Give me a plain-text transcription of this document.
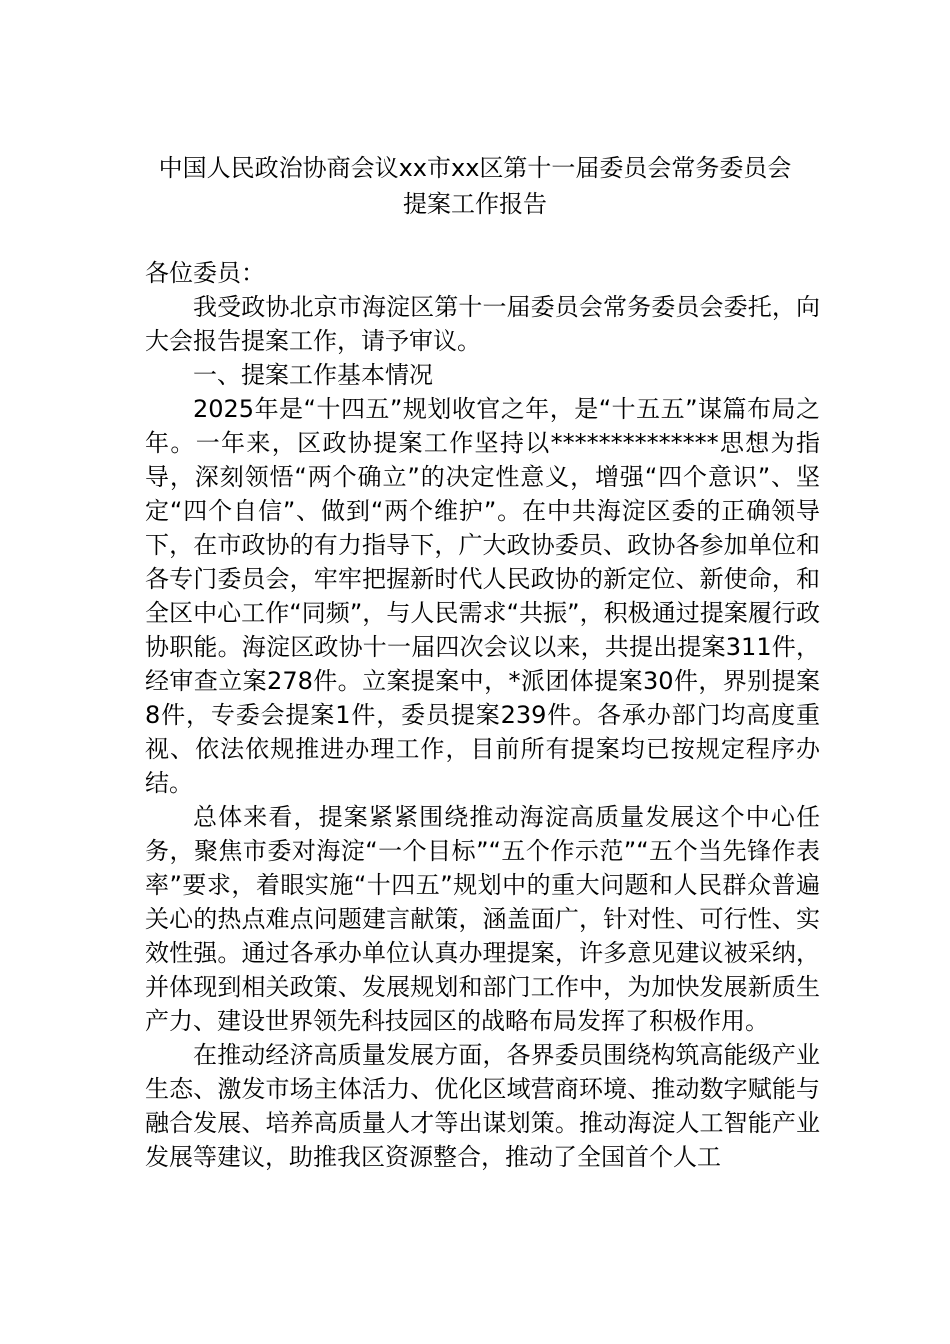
中国人民政治协商会议xx市xx区第十一届委员会常务委员会
提案工作报告

各位委员：

我受政协北京市海淀区第十一届委员会常务委员会委托，向大会报告提案工作，请予审议。

一、提案工作基本情况

2025年是“十四五”规划收官之年，是“十五五”谋篇布局之年。一年来，区政协提案工作坚持以**************思想为指导，深刻领悟“两个确立”的决定性意义，增强“四个意识”、坚定“四个自信”、做到“两个维护”。在中共海淀区委的正确领导下，在市政协的有力指导下，广大政协委员、政协各参加单位和各专门委员会，牢牢把握新时代人民政协的新定位、新使命，和全区中心工作“同频”，与人民需求“共振”，积极通过提案履行政协职能。海淀区政协十一届四次会议以来，共提出提案311件，经审查立案278件。立案提案中，*派团体提案30件，界别提案8件，专委会提案1件，委员提案239件。各承办部门均高度重视、依法依规推进办理工作，目前所有提案均已按规定程序办结。

总体来看，提案紧紧围绕推动海淀高质量发展这个中心任务，聚焦市委对海淀“一个目标”“五个作示范”“五个当先锋作表率”要求，着眼实施“十四五”规划中的重大问题和人民群众普遍关心的热点难点问题建言献策，涵盖面广，针对性、可行性、实效性强。通过各承办单位认真办理提案，许多意见建议被采纳，并体现到相关政策、发展规划和部门工作中，为加快发展新质生产力、建设世界领先科技园区的战略布局发挥了积极作用。

在推动经济高质量发展方面，各界委员围绕构筑高能级产业生态、激发市场主体活力、优化区域营商环境、推动数字赋能与融合发展、培养高质量人才等出谋划策。推动海淀人工智能产业发展等建议，助推我区资源整合，推动了全国首个人工
